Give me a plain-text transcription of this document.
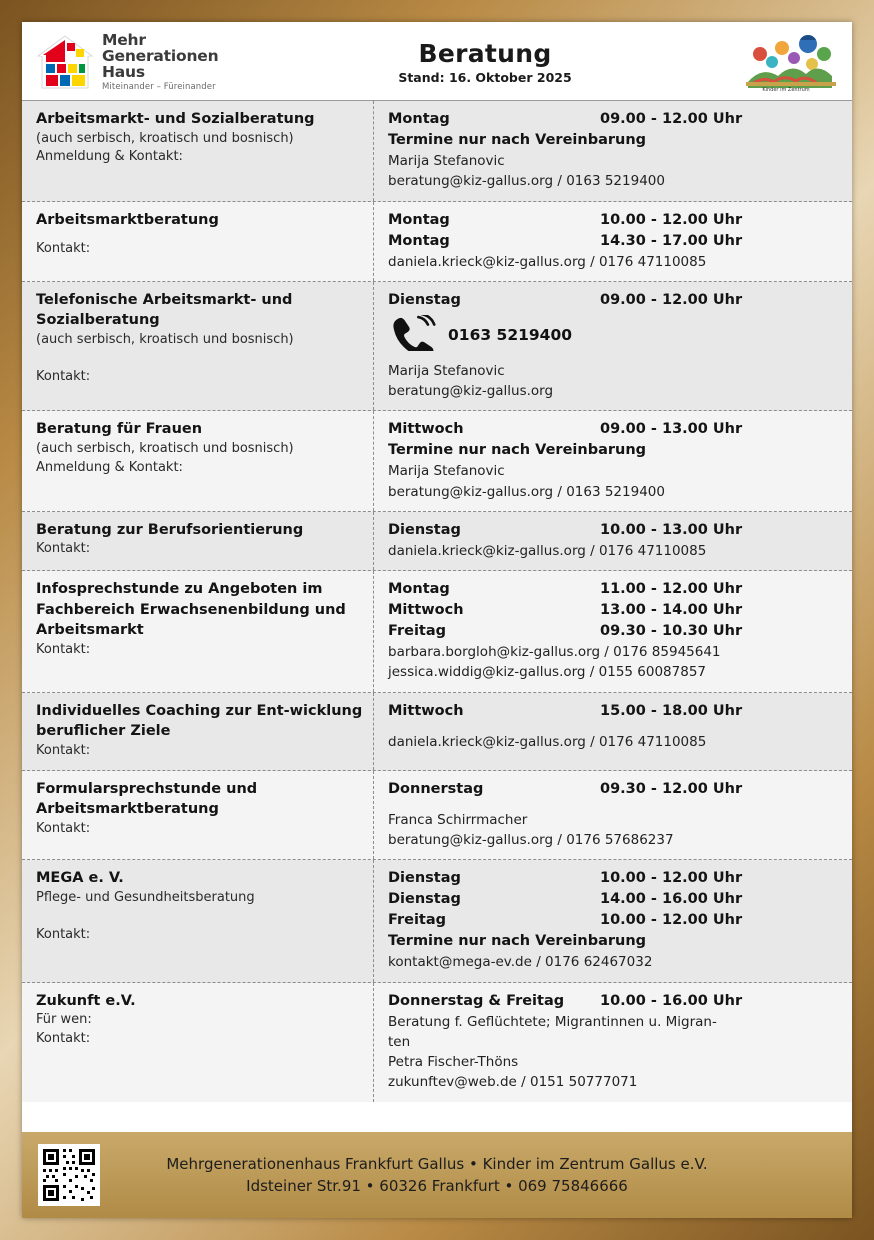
Mehr
Generationen
Haus
Miteinander – Füreinander
Beratung
Stand: 16. Oktober 2025
Kinder im Zentrum
Arbeitsmarkt- und Sozialberatung
(auch serbisch, kroatisch und bosnisch)
Anmeldung & Kontakt:
Montag	09.00 - 12.00 Uhr
Termine nur nach Vereinbarung
Marija Stefanovic
beratung@kiz-gallus.org / 0163 5219400
Arbeitsmarktberatung
Kontakt:
Montag	10.00 - 12.00 Uhr
Montag	14.30 - 17.00 Uhr
daniela.krieck@kiz-gallus.org / 0176 47110085
Telefonische Arbeitsmarkt- und Sozialberatung
(auch serbisch, kroatisch und bosnisch)
Kontakt:
Dienstag	09.00 - 12.00 Uhr
0163 5219400
Marija Stefanovic
beratung@kiz-gallus.org
Beratung für Frauen
(auch serbisch, kroatisch und bosnisch)
Anmeldung & Kontakt:
Mittwoch	09.00 - 13.00 Uhr
Termine nur nach Vereinbarung
Marija Stefanovic
beratung@kiz-gallus.org / 0163 5219400
Beratung zur Berufsorientierung
Kontakt:
Dienstag	10.00 - 13.00 Uhr
daniela.krieck@kiz-gallus.org / 0176 47110085
Infosprechstunde zu Angeboten im Fachbereich Erwachsenenbildung und Arbeitsmarkt
Kontakt:
Montag	11.00 - 12.00 Uhr
Mittwoch	13.00 - 14.00 Uhr
Freitag	09.30 - 10.30 Uhr
barbara.borgloh@kiz-gallus.org / 0176 85945641
jessica.widdig@kiz-gallus.org / 0155 60087857
Individuelles Coaching zur Ent-wicklung beruflicher Ziele
Kontakt:
Mittwoch	15.00 - 18.00 Uhr
daniela.krieck@kiz-gallus.org / 0176 47110085
Formularsprechstunde und Arbeitsmarktberatung
Kontakt:
Donnerstag	09.30 - 12.00 Uhr
Franca Schirrmacher
beratung@kiz-gallus.org / 0176 57686237
MEGA e. V.
Pflege- und Gesundheitsberatung
Kontakt:
Dienstag	10.00 - 12.00 Uhr
Dienstag	14.00 - 16.00 Uhr
Freitag	10.00 - 12.00 Uhr
Termine nur nach Vereinbarung
kontakt@mega-ev.de / 0176 62467032
Zukunft e.V.
Für wen:
Kontakt:
Donnerstag & Freitag	10.00 - 16.00 Uhr
Beratung f. Geflüchtete; Migrantinnen u. Migran-
ten
Petra Fischer-Thöns
zukunftev@web.de / 0151 50777071
Mehrgenerationenhaus Frankfurt Gallus • Kinder im Zentrum Gallus e.V.
Idsteiner Str.91 • 60326 Frankfurt • 069 75846666
